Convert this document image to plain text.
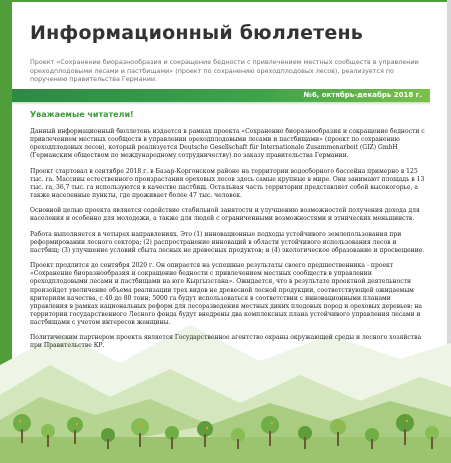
Информационный бюллетень
Проект «Сохранение биоразнообразия и сокращение бедности с привлечением местных сообществ в управлении ореходплодовыми лесами и пастбищами» (проект по сохранению ореходплодовых лесов), реализуется по поручению правительства Германии.
№6, октябрь-декабрь 2018 г.
Уважаемые читатели!

Данный информационный бюллетень издается в рамках проекта «Сохранение биоразнообразия и сокращение бедности с привлечением местных сообществ в управлении ореходплодовыми лесами и пастбищами» (проект по сохранению ореходплодовых лесов), который реализуется Deutsche Gesellschaft für Internationale Zusammenarbeit (GIZ) GmbH (Германским обществом по международному сотрудничеству) по заказу правительства Германии.

Проект стартовал в сентябре 2018 г. в Базар-Коргонском районе на территории водосборного бассейна примерно в 125 тыс. га. Массивы естественного произрастания ореховых лесов здесь самые крупные в мире. Они занимают площадь в 13 тыс. га, 36,7 тыс. га используются в качестве пастбищ. Остальная часть территории представляет собой высокогорье, а также населенные пункты, где проживает более 47 тыс. человек.

Основной целью проекта является содействие стабильной занятости и улучшению возможностей получения дохода для населения и особенно для молодежи, а также для людей с ограниченными возможностями и этнических меньшинств.

Работа выполняется в четырех направлениях. Это (1) инновационные подходы устойчивого землепользования при реформировании лесного сектора; (2) распространение инноваций в области устойчивого использования лесов и пастбищ; (3) улучшение условий сбыта лесных не древесных продуктов; и (4) экологическое образование и просвещение.

Проект продлится до сентября 2020 г. Он опирается на успешные результаты своего предшественника - проект «Сохранение биоразнообразия и сокращение бедности с привлечением местных сообществ в управлении ореходплодовыми лесами и пастбищами на юге Кыргызстана». Ожидается, что в результате проектной деятельности произойдет увеличение объема реализации трех видов не древесной лесной продукции, соответствующей ожидаемым критериям качества, с 40 до 80 тонн; 5000 га будут использоваться в соответствии с инновационными планами управления в рамках национальных реформ для лесоразведения местных диких плодовых пород и ореховых деревьев; на территории государственного Лесного фонда будут внедрены два комплексных плана устойчивого управления лесами и пастбищами с учетом интересов женщины.

Политическим партнером проекта является Государственное агентство охраны окружающей среды и лесного хозяйства при Правительстве КР.
